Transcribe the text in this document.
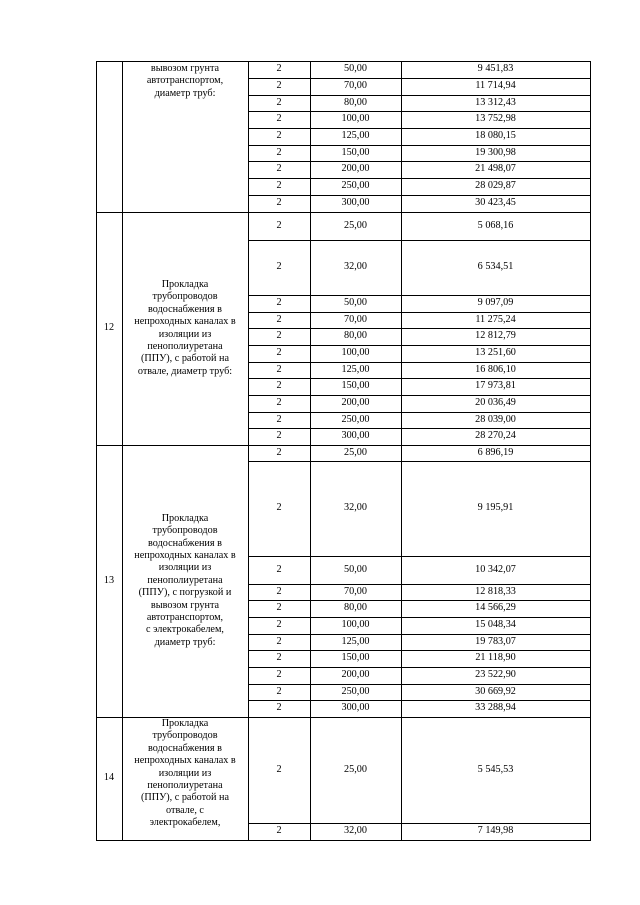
вывозом грунта
автотранспортом,
диаметр труб:
2	50,00	9 451,83
2	70,00	11 714,94
2	80,00	13 312,43
2	100,00	13 752,98
2	125,00	18 080,15
2	150,00	19 300,98
2	200,00	21 498,07
2	250,00	28 029,87
2	300,00	30 423,45
12
Прокладка
трубопроводов
водоснабжения в
непроходных каналах в
изоляции из
пенополиуретана
(ППУ), с работой на
отвале, диаметр труб:
2	25,00	5 068,16
2	32,00	6 534,51
2	50,00	9 097,09
2	70,00	11 275,24
2	80,00	12 812,79
2	100,00	13 251,60
2	125,00	16 806,10
2	150,00	17 973,81
2	200,00	20 036,49
2	250,00	28 039,00
2	300,00	28 270,24
13
Прокладка
трубопроводов
водоснабжения в
непроходных каналах в
изоляции из
пенополиуретана
(ППУ), с погрузкой и
вывозом грунта
автотранспортом,
с электрокабелем,
диаметр труб:
2	25,00	6 896,19
2	32,00	9 195,91
2	50,00	10 342,07
2	70,00	12 818,33
2	80,00	14 566,29
2	100,00	15 048,34
2	125,00	19 783,07
2	150,00	21 118,90
2	200,00	23 522,90
2	250,00	30 669,92
2	300,00	33 288,94
14
Прокладка
трубопроводов
водоснабжения в
непроходных каналах в
изоляции из
пенополиуретана
(ППУ), с работой на
отвале, с
электрокабелем,
2	25,00	5 545,53
2	32,00	7 149,98
